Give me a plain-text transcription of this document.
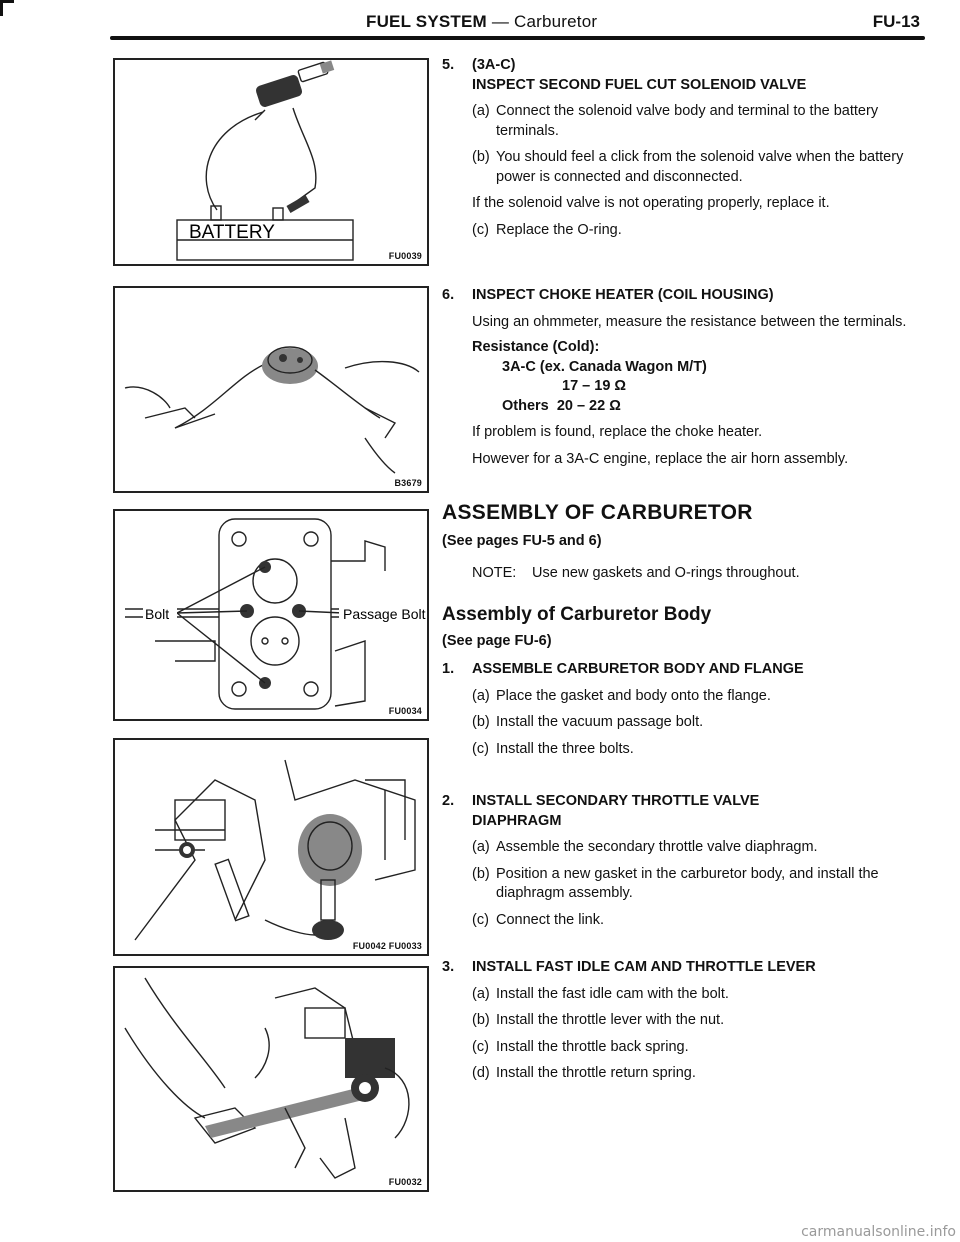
FUEL SYSTEM — Carburetor	FU-13
BATTERY
FU0039
B3679
Bolt	Passage Bolt
FU0034
FU0042 FU0033
FU0032
5. (3A-C)
INSPECT SECOND FUEL CUT SOLENOID VALVE
(a) Connect the solenoid valve body and terminal to the battery terminals.
(b) You should feel a click from the solenoid valve when the battery power is connected and disconnected.
If the solenoid valve is not operating properly, replace it.
(c) Replace the O-ring.
6. INSPECT CHOKE HEATER (COIL HOUSING)
Using an ohmmeter, measure the resistance between the terminals.
Resistance (Cold):
3A-C (ex. Canada Wagon M/T)
17 – 19 Ω
Others 20 – 22 Ω
If problem is found, replace the choke heater.
However for a 3A-C engine, replace the air horn assembly.
ASSEMBLY OF CARBURETOR
(See pages FU-5 and 6)
NOTE: Use new gaskets and O-rings throughout.
Assembly of Carburetor Body
(See page FU-6)
1. ASSEMBLE CARBURETOR BODY AND FLANGE
(a) Place the gasket and body onto the flange.
(b) Install the vacuum passage bolt.
(c) Install the three bolts.
2. INSTALL SECONDARY THROTTLE VALVE DIAPHRAGM
(a) Assemble the secondary throttle valve diaphragm.
(b) Position a new gasket in the carburetor body, and install the diaphragm assembly.
(c) Connect the link.
3. INSTALL FAST IDLE CAM AND THROTTLE LEVER
(a) Install the fast idle cam with the bolt.
(b) Install the throttle lever with the nut.
(c) Install the throttle back spring.
(d) Install the throttle return spring.
carmanualsonline.info
